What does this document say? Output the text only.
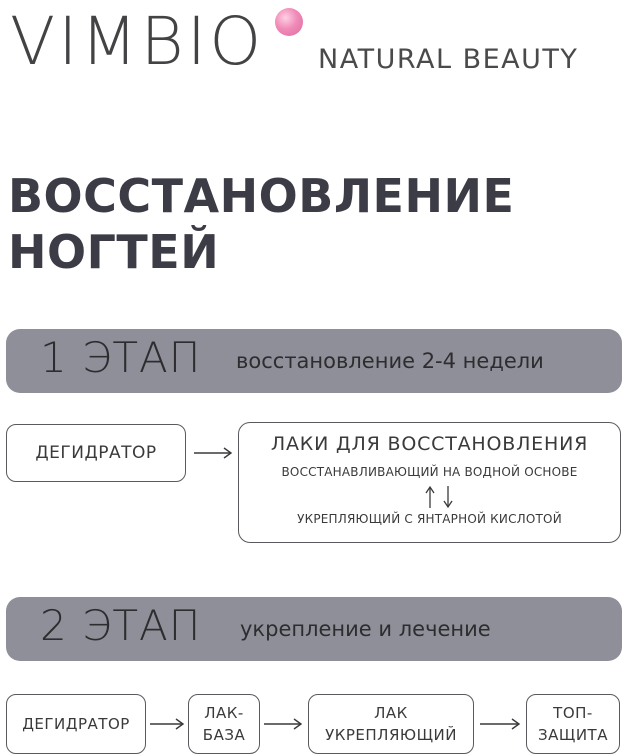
VIMBIO NATURAL BEAUTY
ВОССТАНОВЛЕНИЕ
НОГТЕЙ
1 ЭТАП восстановление 2-4 недели
ДЕГИДРАТОР	ЛАКИ ДЛЯ ВОССТАНОВЛЕНИЯ
ВОССТАНАВЛИВАЮЩИЙ НА ВОДНОЙ ОСНОВЕ
УКРЕПЛЯЮЩИЙ С ЯНТАРНОЙ КИСЛОТОЙ
2 ЭТАП укрепление и лечение
ДЕГИДРАТОР
ЛАК-
БАЗА
ЛАК
УКРЕПЛЯЮЩИЙ
ТОП-
ЗАЩИТА
